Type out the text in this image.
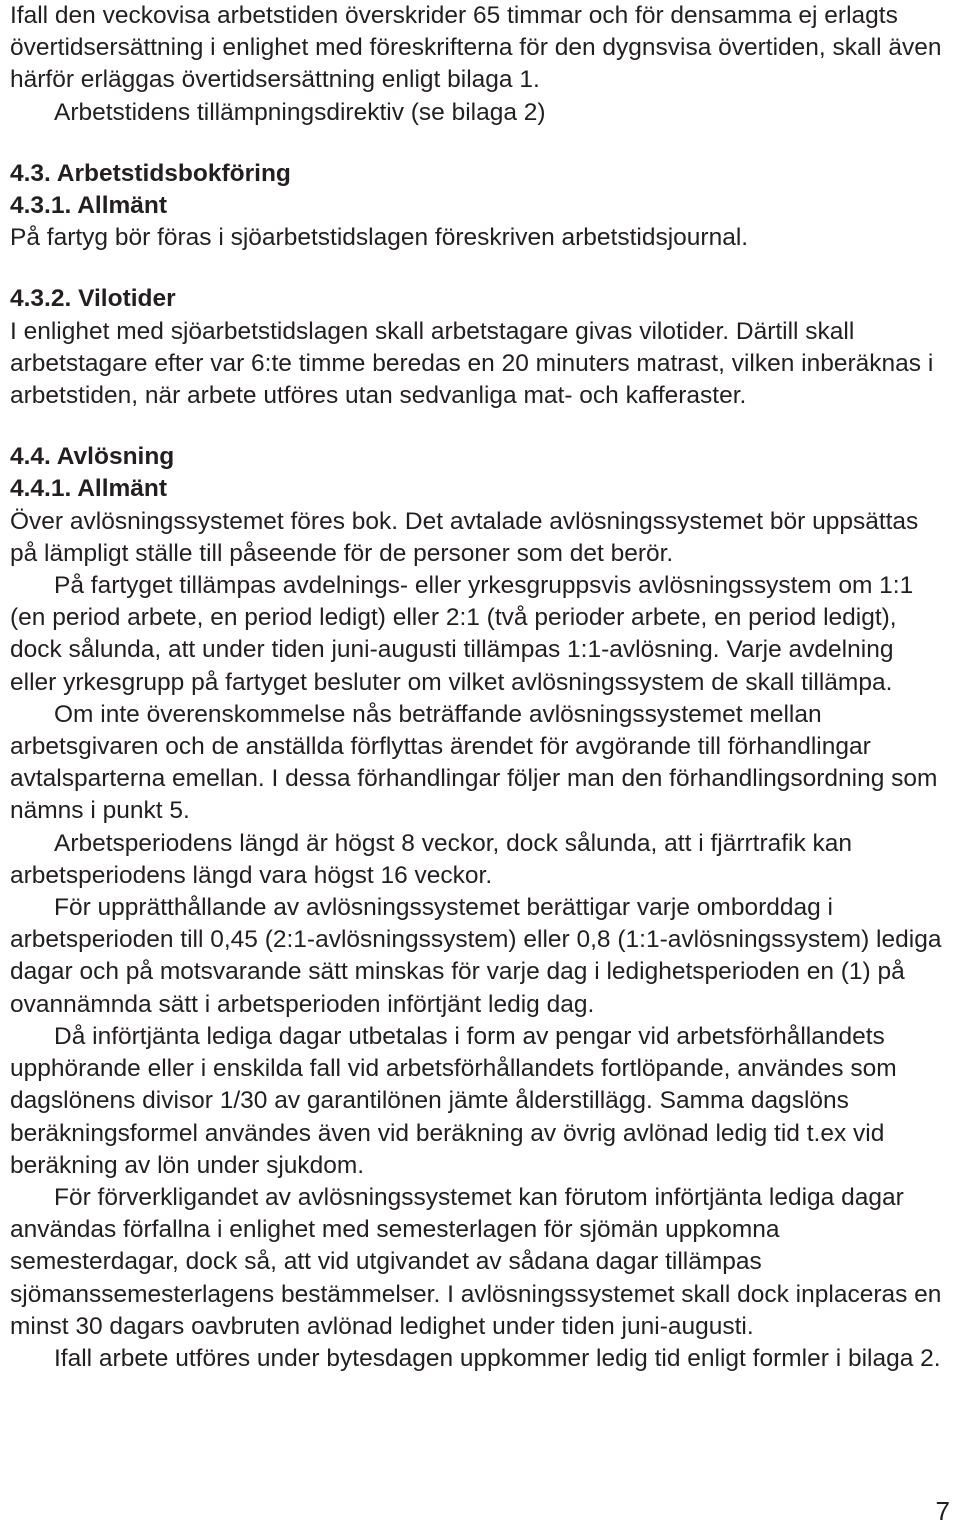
Ifall den veckovisa arbetstiden överskrider 65 timmar och för densamma ej erlagts övertidsersättning i enlighet med föreskrifterna för den dygnsvisa övertiden, skall även härför erläggas övertidsersättning enligt bilaga 1.

Arbetstidens tillämpningsdirektiv (se bilaga 2)

4.3. Arbetstidsbokföring
4.3.1. Allmänt

På fartyg bör föras i sjöarbetstidslagen föreskriven arbetstidsjournal.

4.3.2. Vilotider

I enlighet med sjöarbetstidslagen skall arbetstagare givas vilotider. Därtill skall arbetstagare efter var 6:te timme beredas en 20 minuters matrast, vilken inberäknas i arbetstiden, när arbete utföres utan sedvanliga mat- och kafferaster.

4.4. Avlösning
4.4.1. Allmänt

Över avlösningssystemet föres bok. Det avtalade avlösningssystemet bör uppsättas på lämpligt ställe till påseende för de personer som det berör.

På fartyget tillämpas avdelnings- eller yrkesgruppsvis avlösningssystem om 1:1 (en period arbete, en period ledigt) eller 2:1 (två perioder arbete, en period ledigt), dock sålunda, att under tiden juni-augusti tillämpas 1:1-avlösning. Varje avdelning eller yrkesgrupp på fartyget besluter om vilket avlösningssystem de skall tillämpa.

Om inte överenskommelse nås beträffande avlösningssystemet mellan arbetsgivaren och de anställda förflyttas ärendet för avgörande till förhandlingar avtalsparterna emellan. I dessa förhandlingar följer man den förhandlingsordning som nämns i punkt 5.

Arbetsperiodens längd är högst 8 veckor, dock sålunda, att i fjärrtrafik kan arbetsperiodens längd vara högst 16 veckor.

För upprätthållande av avlösningssystemet berättigar varje omborddag i arbetsperioden till 0,45 (2:1-avlösningssystem) eller 0,8 (1:1-avlösningssystem) lediga dagar och på motsvarande sätt minskas för varje dag i ledighetsperioden en (1) på ovannämnda sätt i arbetsperioden införtjänt ledig dag.

Då införtjänta lediga dagar utbetalas i form av pengar vid arbetsförhållandets upphörande eller i enskilda fall vid arbetsförhållandets fortlöpande, användes som dagslönens divisor 1/30 av garantilönen jämte ålderstillägg. Samma dagslöns beräkningsformel användes även vid beräkning av övrig avlönad ledig tid t.ex vid beräkning av lön under sjukdom.

För förverkligandet av avlösningssystemet kan förutom införtjänta lediga dagar användas förfallna i enlighet med semesterlagen för sjömän uppkomna semesterdagar, dock så, att vid utgivandet av sådana dagar tillämpas sjömanssemesterlagens bestämmelser. I avlösningssystemet skall dock inplaceras en minst 30 dagars oavbruten avlönad ledighet under tiden juni-augusti.

Ifall arbete utföres under bytesdagen uppkommer ledig tid enligt formler i bilaga 2.

7
